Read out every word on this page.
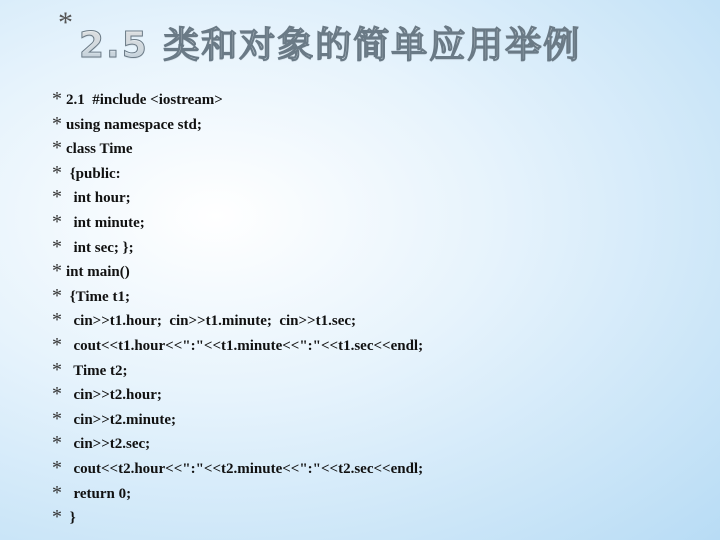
*
2.5 类和对象的简单应用举例
* 2.1  #include <iostream>
* using namespace std;
* class Time
* {public:
* int hour;
* int minute;
* int sec; };
* int main()
* {Time t1;
* cin>>t1.hour;  cin>>t1.minute;  cin>>t1.sec;
* cout<<t1.hour<<":"<<t1.minute<<":"<<t1.sec<<endl;
* Time t2;
* cin>>t2.hour;
* cin>>t2.minute;
* cin>>t2.sec;
* cout<<t2.hour<<":"<<t2.minute<<":"<<t2.sec<<endl;
* return 0;
* }
